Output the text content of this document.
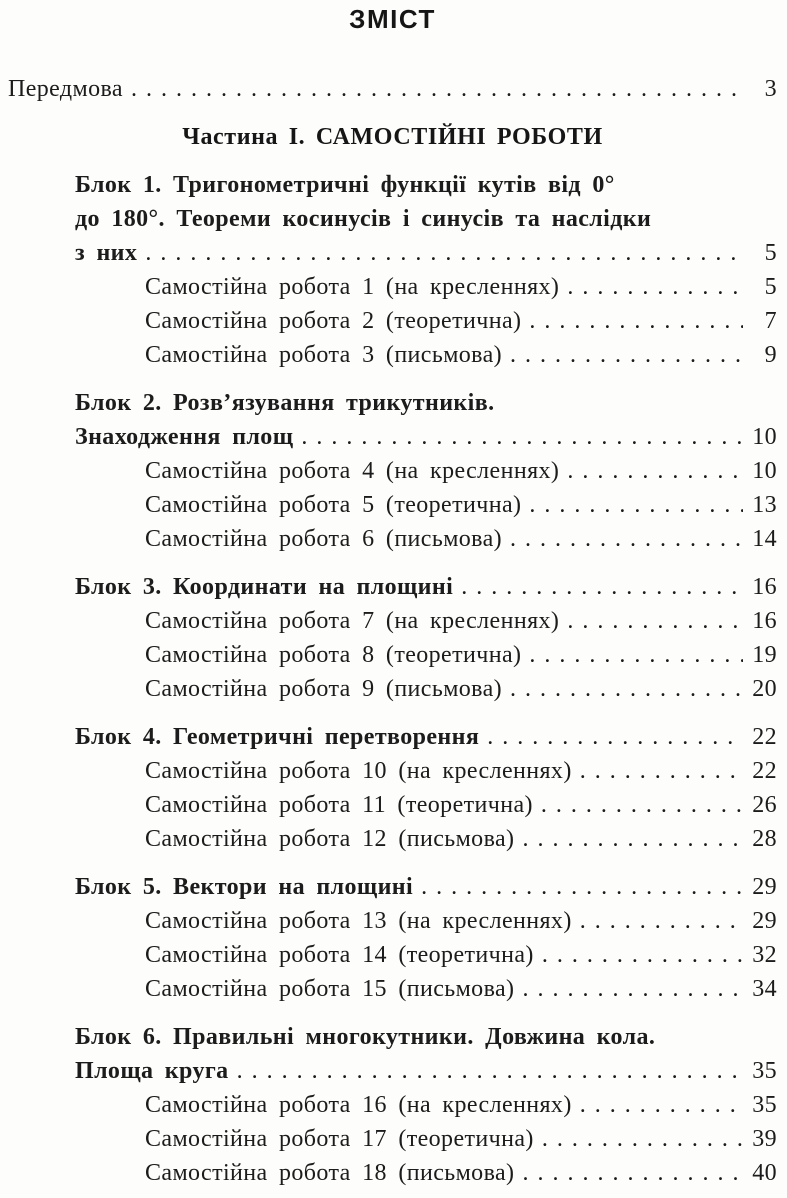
ЗМІСТ
Передмова .....	3
Частина I. САМОСТІЙНІ РОБОТИ
Блок 1. Тригонометричні функції кутів від 0°
до 180°. Теореми косинусів і синусів та наслідки
з них .....	5
Самостійна робота 1 (на кресленнях) .....	5
Самостійна робота 2 (теоретична) .....	7
Самостійна робота 3 (письмова) .....	9
Блок 2. Розв’язування трикутників.
Знаходження площ .....	10
Самостійна робота 4 (на кресленнях) .....	10
Самостійна робота 5 (теоретична) .....	13
Самостійна робота 6 (письмова) .....	14
Блок 3. Координати на площині .....	16
Самостійна робота 7 (на кресленнях) .....	16
Самостійна робота 8 (теоретична) .....	19
Самостійна робота 9 (письмова) .....	20
Блок 4. Геометричні перетворення .....	22
Самостійна робота 10 (на кресленнях) .....	22
Самостійна робота 11 (теоретична) .....	26
Самостійна робота 12 (письмова) .....	28
Блок 5. Вектори на площині .....	29
Самостійна робота 13 (на кресленнях) .....	29
Самостійна робота 14 (теоретична) .....	32
Самостійна робота 15 (письмова) .....	34
Блок 6. Правильні многокутники. Довжина кола.
Площа круга .....	35
Самостійна робота 16 (на кресленнях) .....	35
Самостійна робота 17 (теоретична) .....	39
Самостійна робота 18 (письмова) .....	40
